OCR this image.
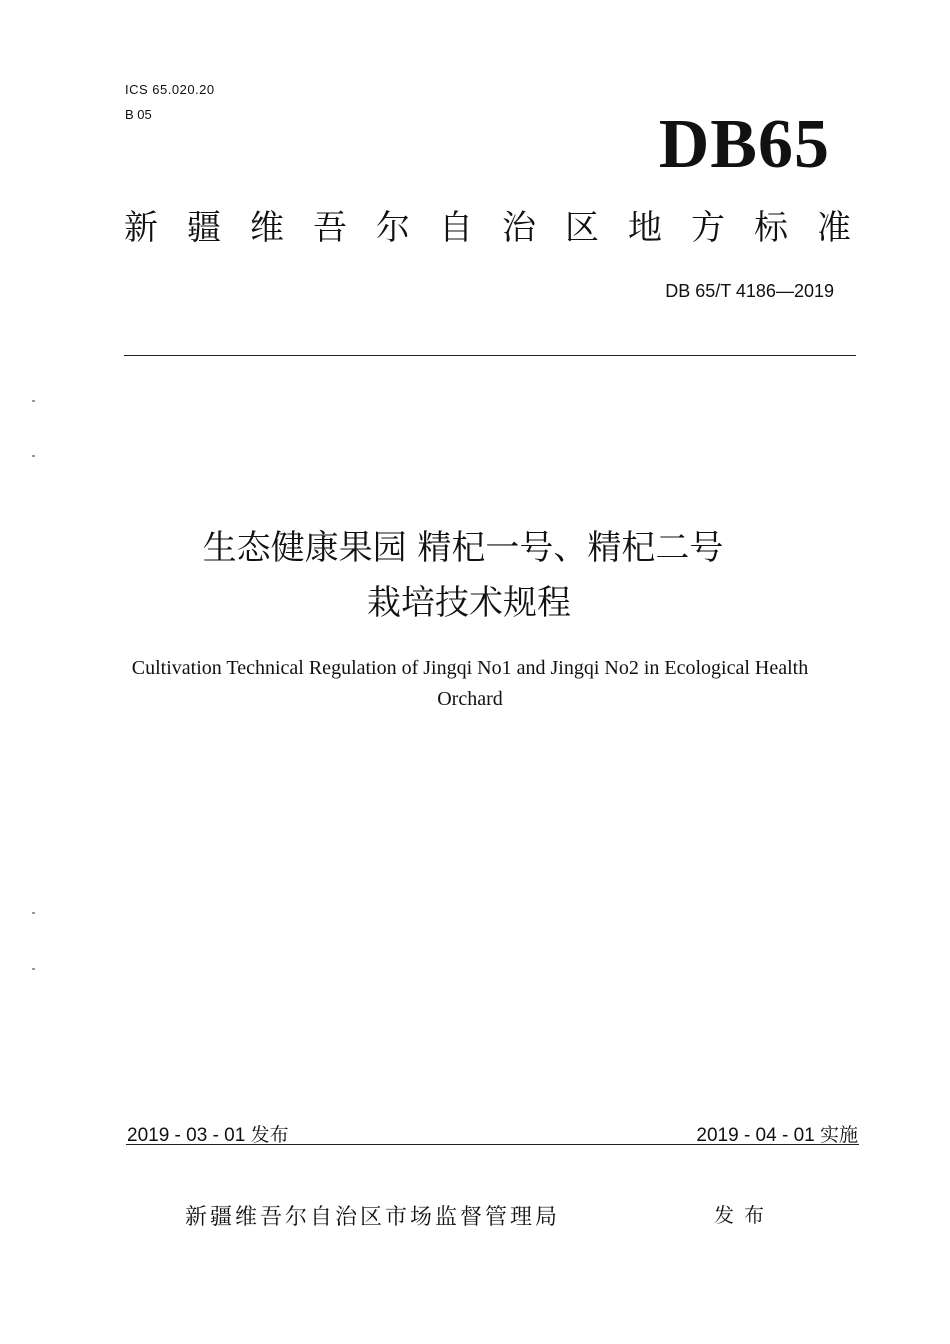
ICS 65.020.20
B 05	DB65
新疆维吾尔自治区地方标准
DB 65/T 4186—2019
生态健康果园 精杞一号、精杞二号
栽培技术规程
Cultivation Technical Regulation of Jingqi No1 and Jingqi No2 in Ecological Health
Orchard
2019 - 03 - 01 发布	2019 - 04 - 01 实施
新疆维吾尔自治区市场监督管理局	发布
